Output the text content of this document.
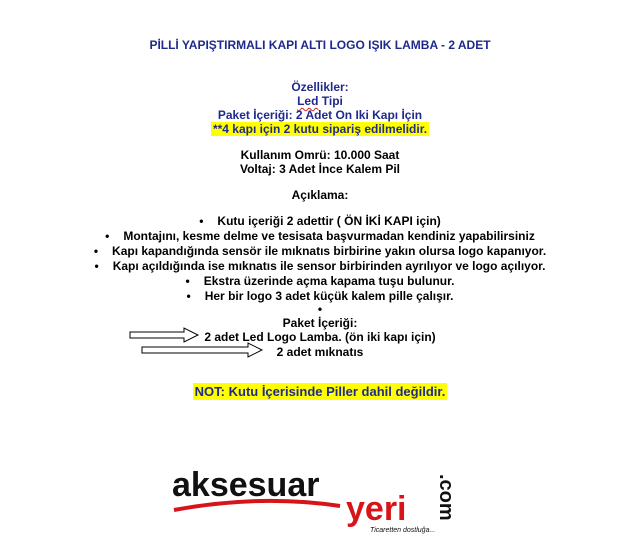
PİLLİ YAPIŞTIRMALI KAPI ALTI LOGO IŞIK LAMBA - 2 ADET
Özellikler:
Led Tipi
Paket İçeriği: 2 Adet On Iki Kapı İçin
**4 kapı için 2 kutu sipariş edilmelidir.
Kullanım Omrü: 10.000 Saat
Voltaj: 3 Adet İnce Kalem Pil
Açıklama:
• Kutu içeriği 2 adettir ( ÖN İKİ KAPI için)
• Montajını, kesme delme ve tesisata başvurmadan kendiniz yapabilirsiniz
• Kapı kapandığında sensör ile mıknatıs birbirine yakın olursa logo kapanıyor.
• Kapı açıldığında ise mıknatıs ile sensor birbirinden ayrılıyor ve logo açılıyor.
• Ekstra üzerinde açma kapama tuşu bulunur.
• Her bir logo 3 adet küçük kalem pille çalışır.
•
Paket İçeriği:
2 adet Led Logo Lamba. (ön iki kapı için)
2 adet mıknatıs
NOT: Kutu İçerisinde Piller dahil değildir.
aksesuar
yeri .com
Ticaretten dostluğa...
